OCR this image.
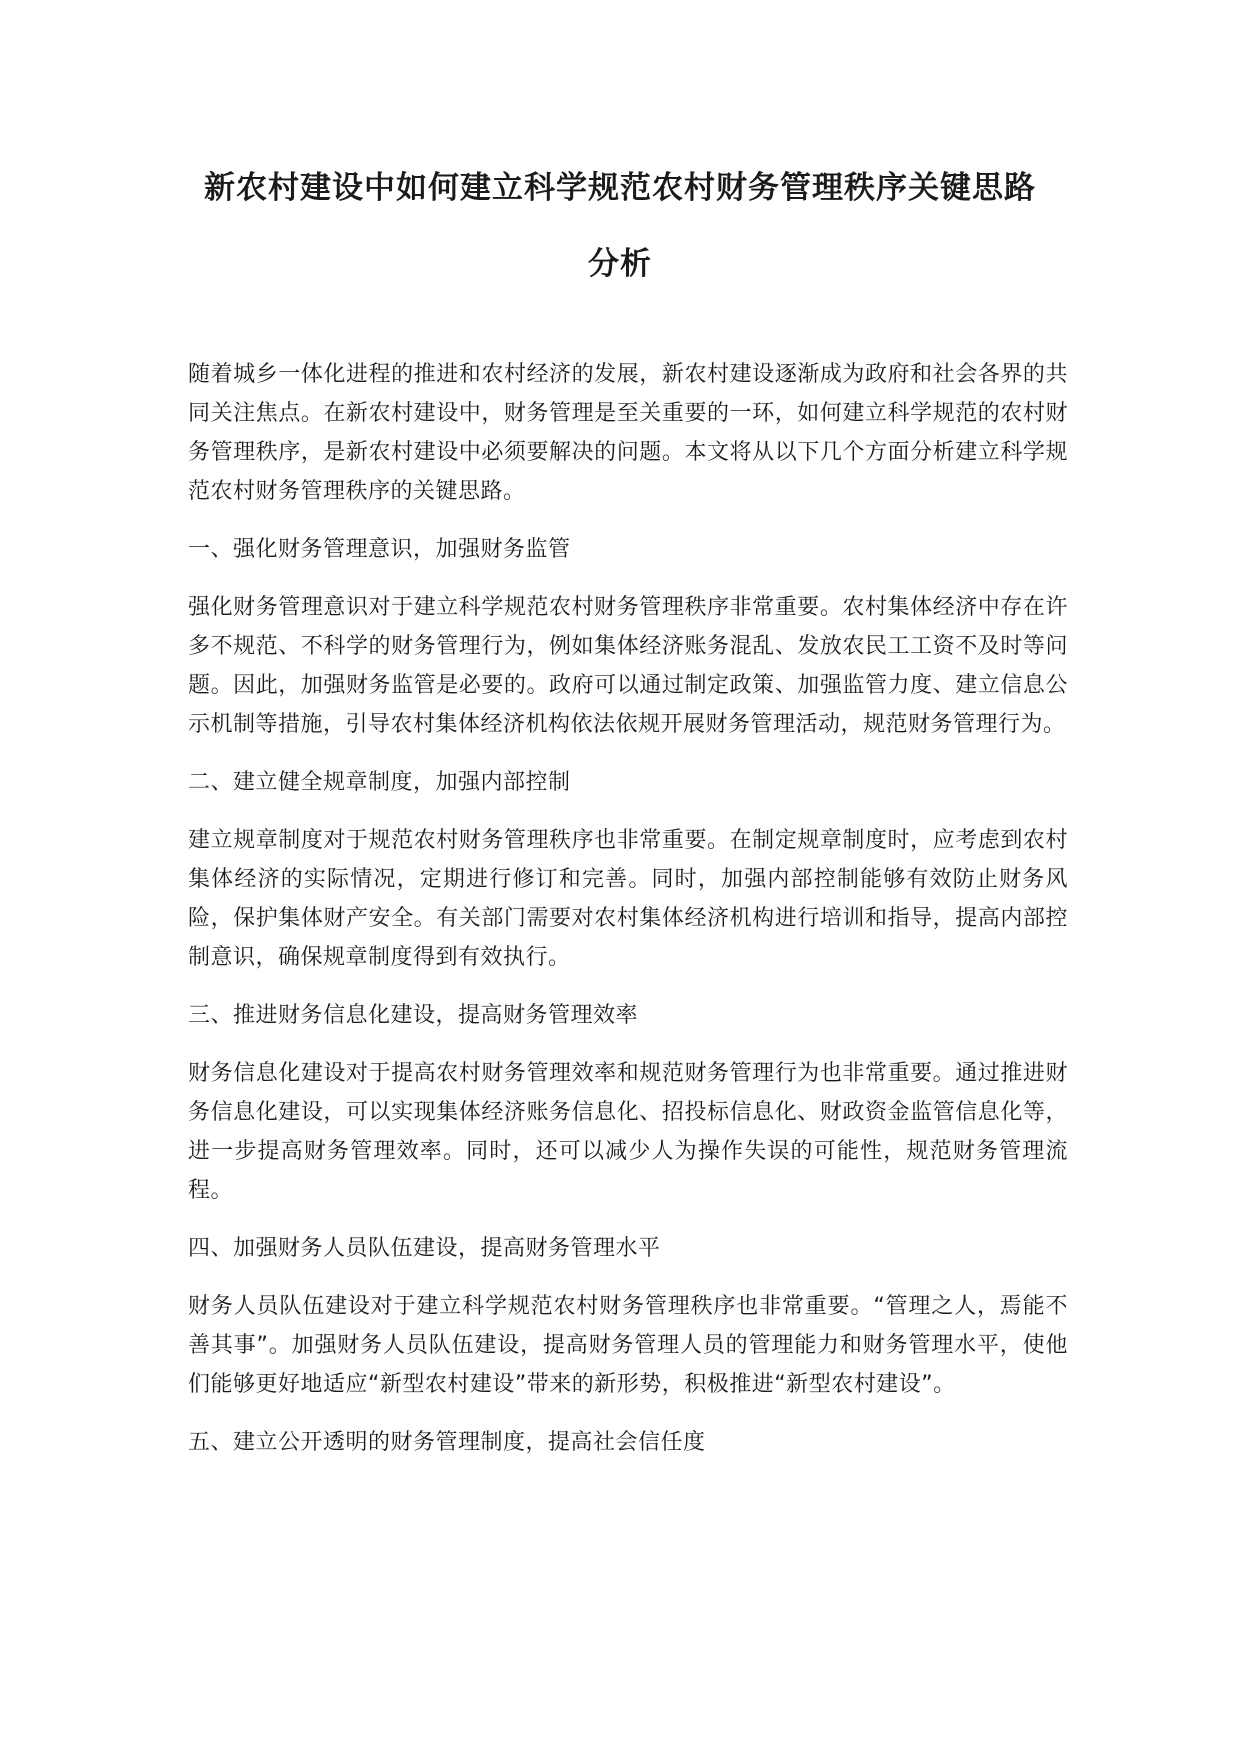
新农村建设中如何建立科学规范农村财务管理秩序关键思路分析

随着城乡一体化进程的推进和农村经济的发展，新农村建设逐渐成为政府和社会各界的共同关注焦点。在新农村建设中，财务管理是至关重要的一环，如何建立科学规范的农村财务管理秩序，是新农村建设中必须要解决的问题。本文将从以下几个方面分析建立科学规范农村财务管理秩序的关键思路。

一、强化财务管理意识，加强财务监管

强化财务管理意识对于建立科学规范农村财务管理秩序非常重要。农村集体经济中存在许多不规范、不科学的财务管理行为，例如集体经济账务混乱、发放农民工工资不及时等问题。因此，加强财务监管是必要的。政府可以通过制定政策、加强监管力度、建立信息公示机制等措施，引导农村集体经济机构依法依规开展财务管理活动，规范财务管理行为。

二、建立健全规章制度，加强内部控制

建立规章制度对于规范农村财务管理秩序也非常重要。在制定规章制度时，应考虑到农村集体经济的实际情况，定期进行修订和完善。同时，加强内部控制能够有效防止财务风险，保护集体财产安全。有关部门需要对农村集体经济机构进行培训和指导，提高内部控制意识，确保规章制度得到有效执行。

三、推进财务信息化建设，提高财务管理效率

财务信息化建设对于提高农村财务管理效率和规范财务管理行为也非常重要。通过推进财务信息化建设，可以实现集体经济账务信息化、招投标信息化、财政资金监管信息化等，进一步提高财务管理效率。同时，还可以减少人为操作失误的可能性，规范财务管理流程。

四、加强财务人员队伍建设，提高财务管理水平

财务人员队伍建设对于建立科学规范农村财务管理秩序也非常重要。“管理之人，焉能不善其事”。加强财务人员队伍建设，提高财务管理人员的管理能力和财务管理水平，使他们能够更好地适应“新型农村建设”带来的新形势，积极推进“新型农村建设”。

五、建立公开透明的财务管理制度，提高社会信任度
